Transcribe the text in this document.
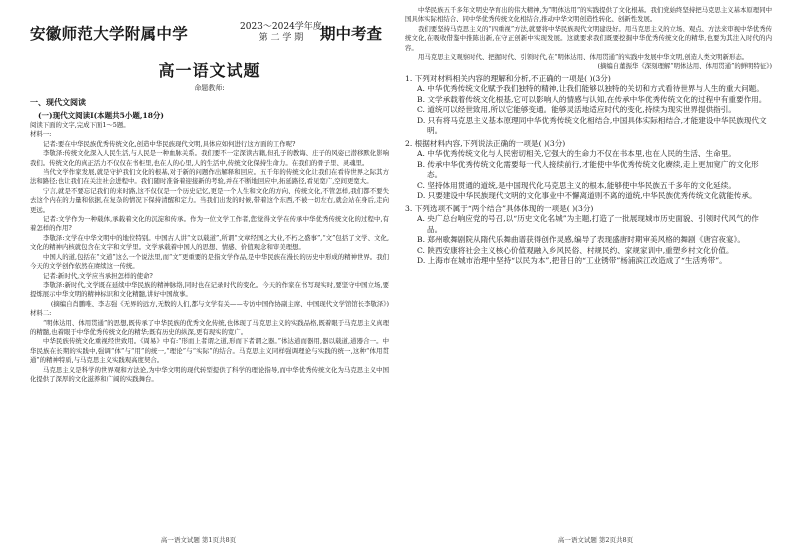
安徽师范大学附属中学	2023～2024学年度
第 二 学 期	期中考查
高一语文试题
命题教师:
一、现代文阅读
(一)现代文阅读Ⅰ(本题共5小题,18分)

阅读下面的文字,完成下面1～5题。

材料一:

记者:要在中华民族优秀传统文化,创造中华民族现代文明,具体应如何进行这方面的工作呢?

李敬泽:传统文化深入人民生活,与人民是一种血脉关系。我们要不一定深读古籍,但孔子的教诲、庄子的风姿已潜移默化影响我们。传统文化的真正活力不仅仅在书柜里,也在人的心里,人的生活中,传统文化保持生命力。在我们的骨子里、灵魂里。

当代文学作家发展,就是守护我们文化的根基,对于新的问题作出解释和回应。五千年的传统文化让我们在看待世界之际其方法和路径;也让我们在关注社会进程中。我们随时准备着迎接新的考验,并在不断地回应中,拓延路径,看见宽广,空间更宽大。

宁言,就是不要忘记我们的来时路,这不仅仅是一个历史记忆,更是一个人生和文化的方向、传统文化,不管怎样,我们都不要失去这个内在的力量和依据,在复杂的情况下保持清醒和定力。当我们出发的时候,带着这个东西,不被一切左右,就会站在身后,走向更远。

记者:文学作为一种载体,承载着文化的沉淀和传承。作为一位文学工作者,您觉得文学在传承中华优秀传统文化的过程中,有着怎样的作用?

李敬泽:文学在中华文明中的地位特别。中国古人讲“文以载道”,所谓“文章经国之大业,不朽之盛事”,“文”包括了文学、文化,文化的精神内核就包含在文字和文学里。文学承载着中国人的思想、情感、价值观念和审美理想。

中国人的道,包括在“文道”这么一个说法里,而“文”更重要的是指文学作品,是中华民族在漫长的历史中形成的精神世界。我们今天的文学创作依然在赓续这一传统。

记者:新时代,文学应当承担怎样的使命?

李敬泽:新时代,文学既在延续中华民族的精神脉络,同时也在记录时代的变化。今天的作家在书写现实时,要坚守中国立场,要提炼展示中华文明的精神标识和文化精髓,讲好中国故事。

(摘编自肖鹏唯、李志强《无界的远方,无数的人们,都与文学有关——专访中国作协副主席、中国现代文学馆馆长李敬泽》)

材料二:

“明体达用、体用贯通”的思想,既传承了中华民族的优秀文化传统,也体现了马克思主义的实践品格,既着眼于马克思主义真理的精髓,也着眼于中华优秀传统文化的精华;既有历史的纵深,更有现实的宽广。

中华民族传统文化重视经世致用。《周易》中有:“形而上者谓之道,形而下者谓之器。”体达道而器用,器以载道,道器合一。中华民族在长期的实践中,强调“体”与“用”的统一,“理论”与“实际”的结合。马克思主义同样强调理论与实践的统一,这种“体用贯通”的精神特质,与马克思主义实践观高度契合。

马克思主义是科学的世界观和方法论,为中华文明的现代转型提供了科学的理论指导,而中华优秀传统文化为马克思主义中国化提供了深厚的文化滋养和广阔的实践舞台。

高一语文试题 第1页共8页

中华民族五千多年文明史孕育出的伟大精神,为“明体达用”的实践提供了文化根基。我们党始终坚持把马克思主义基本原理同中国具体实际相结合、同中华优秀传统文化相结合,推动中华文明创造性转化、创新性发展。

我们要坚持马克思主义的“四重视”方法,就要将中华民族现代文明建设好。用马克思主义的立场、观点、方法来审视中华优秀传统文化,在吸收借鉴中推陈出新,在守正创新中实现发展。这就要求我们既要挖掘中华优秀传统文化的精华,也要为其注入时代的内容。

用马克思主义观察时代、把握时代、引领时代,在“明体达用、体用贯通”的实践中发展中华文明,创造人类文明新形态。

(摘编自董振华《深刻理解“明体达用、体用贯通”的鲜明特征》)

1. 下列对材料相关内容的理解和分析,不正确的一项是( )(3分)

A. 中华优秀传统文化赋予我们独特的精神,让我们能够以独特的关切和方式看待世界与人生的重大问题。

B. 文学承载着传统文化根基,它可以影响人的情感与认知,在传承中华优秀传统文化的过程中有重要作用。

C. 道统可以经世致用,所以它能够变通。能够灵活地适应时代的变化,持续为现实世界提供指引。

D. 只有将马克思主义基本原理同中华优秀传统文化相结合,中国具体实际相结合,才能建设中华民族现代文明。

2. 根据材料内容,下列说法正确的一项是( )(3分)

A. 中华优秀传统文化与人民密切相关,它强大的生命力不仅在书本里,也在人民的生活、生命里。

B. 传承中华优秀传统文化需要每一代人接续前行,才能使中华优秀传统文化赓续,走上更加宽广的文化形态。

C. 坚持体用贯通的道统,是中国现代化马克思主义的根本,能够使中华民族五千多年的文化延续。

D. 只要建设中华民族现代文明的文化事业中不懈离道则不离的道统,中华民族优秀传统文化就能传承。

3. 下列选项不属于“两个结合”具体体现的一项是( )(3分)

A. 央广总台响应党的号召,以“历史文化名城”为主题,打造了一批展现城市历史面貌、引领时代风气的作品。

B. 郑州歌舞剧院从隋代乐舞曲谱获得创作灵感,编导了表现盛唐时期审美风格的舞剧《唐宫夜宴》。

C. 陕西安康将社会主义核心价值观融入乡风民俗、村规民约、家规家训中,重塑乡村文化价值。

D. 上海市在城市治理中坚持“以民为本”,把昔日的“工业锈带”杨浦滨江改造成了“生活秀带”。

高一语文试题 第2页共8页
